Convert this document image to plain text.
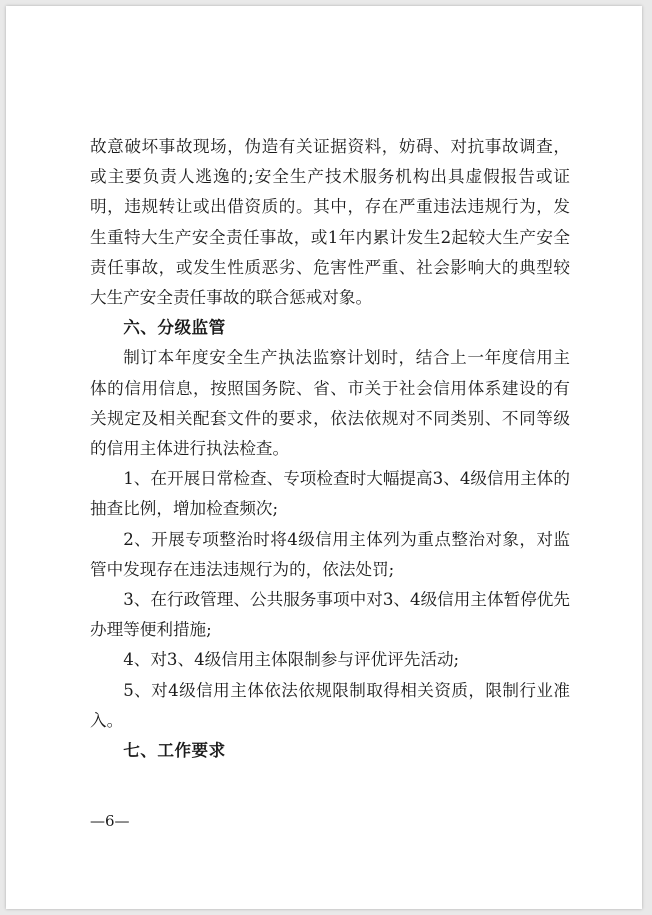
故意破坏事故现场，伪造有关证据资料，妨碍、对抗事故调查，或主要负责人逃逸的;安全生产技术服务机构出具虚假报告或证明，违规转让或出借资质的。其中，存在严重违法违规行为，发生重特大生产安全责任事故，或1年内累计发生2起较大生产安全责任事故，或发生性质恶劣、危害性严重、社会影响大的典型较大生产安全责任事故的联合惩戒对象。

六、分级监管

制订本年度安全生产执法监察计划时，结合上一年度信用主体的信用信息，按照国务院、省、市关于社会信用体系建设的有关规定及相关配套文件的要求，依法依规对不同类别、不同等级的信用主体进行执法检查。

1、在开展日常检查、专项检查时大幅提高3、4级信用主体的抽查比例，增加检查频次;

2、开展专项整治时将4级信用主体列为重点整治对象，对监管中发现存在违法违规行为的，依法处罚;

3、在行政管理、公共服务事项中对3、4级信用主体暂停优先办理等便利措施;

4、对3、4级信用主体限制参与评优评先活动;

5、对4级信用主体依法依规限制取得相关资质，限制行业准入。

七、工作要求

—6—
